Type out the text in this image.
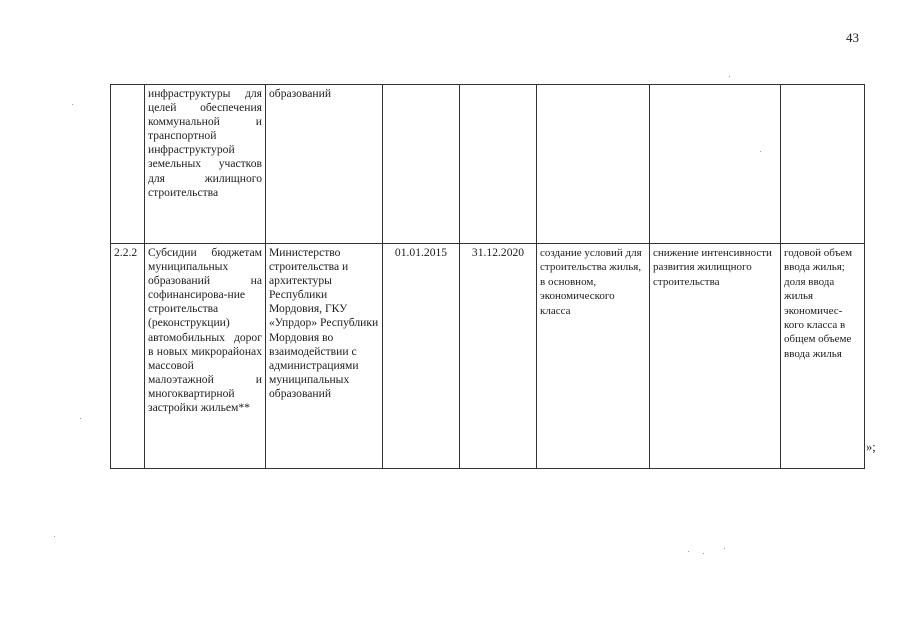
43
	инфраструктуры для целей обеспечения коммунальной и транспортной инфраструктурой земельных участков для жилищного строительства	образований					
2.2.2	Субсидии бюджетам муниципальных образований на софинансирова-ние строительства (реконструкции) автомобильных дорог в новых микрорайонах массовой малоэтажной и многоквартирной застройки жильем**	Министерство строительства и архитектуры Республики Мордовия, ГКУ «Упрдор» Республики Мордовия во взаимодействии с администрациями муниципальных образований	01.01.2015	31.12.2020	создание условий для строительства жилья, в основном, экономического класса	снижение интенсивности развития жилищного строительства	годовой объем ввода жилья; доля ввода жилья экономичес-кого класса в общем объеме ввода жилья
»;
